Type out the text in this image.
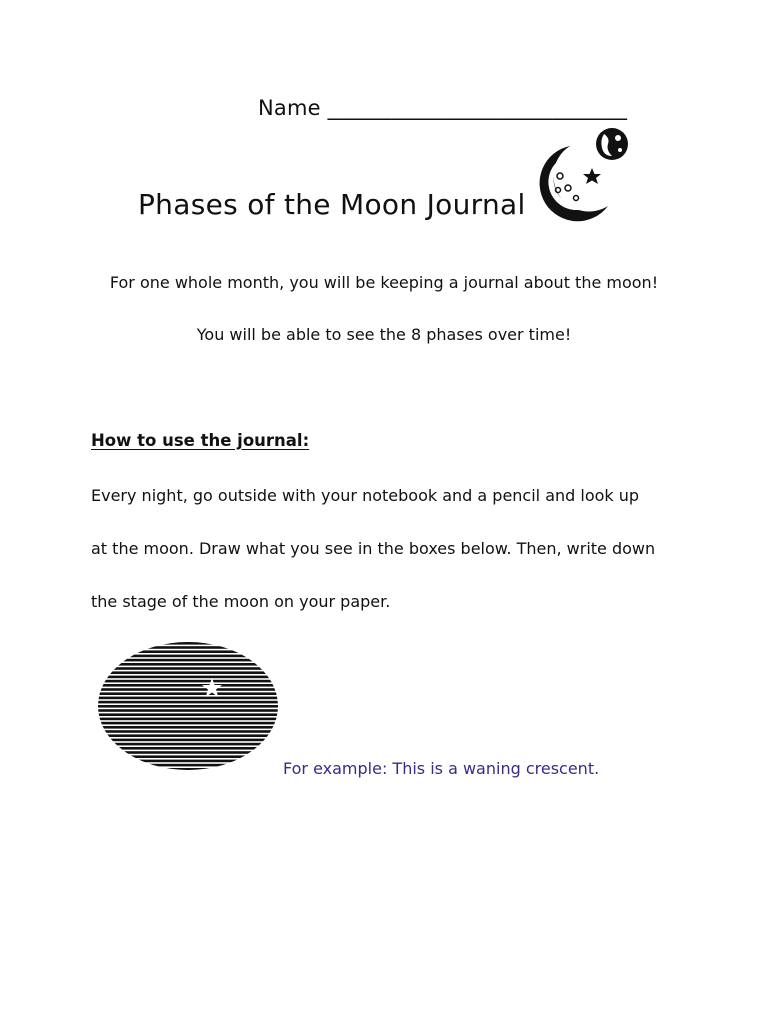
Name ____________________________
Phases of the Moon Journal
For one whole month, you will be keeping a journal about the moon!
You will be able to see the 8 phases over time!
How to use the journal:
Every night, go outside with your notebook and a pencil and look up
at the moon. Draw what you see in the boxes below. Then, write down
the stage of the moon on your paper.
For example: This is a waning crescent.
